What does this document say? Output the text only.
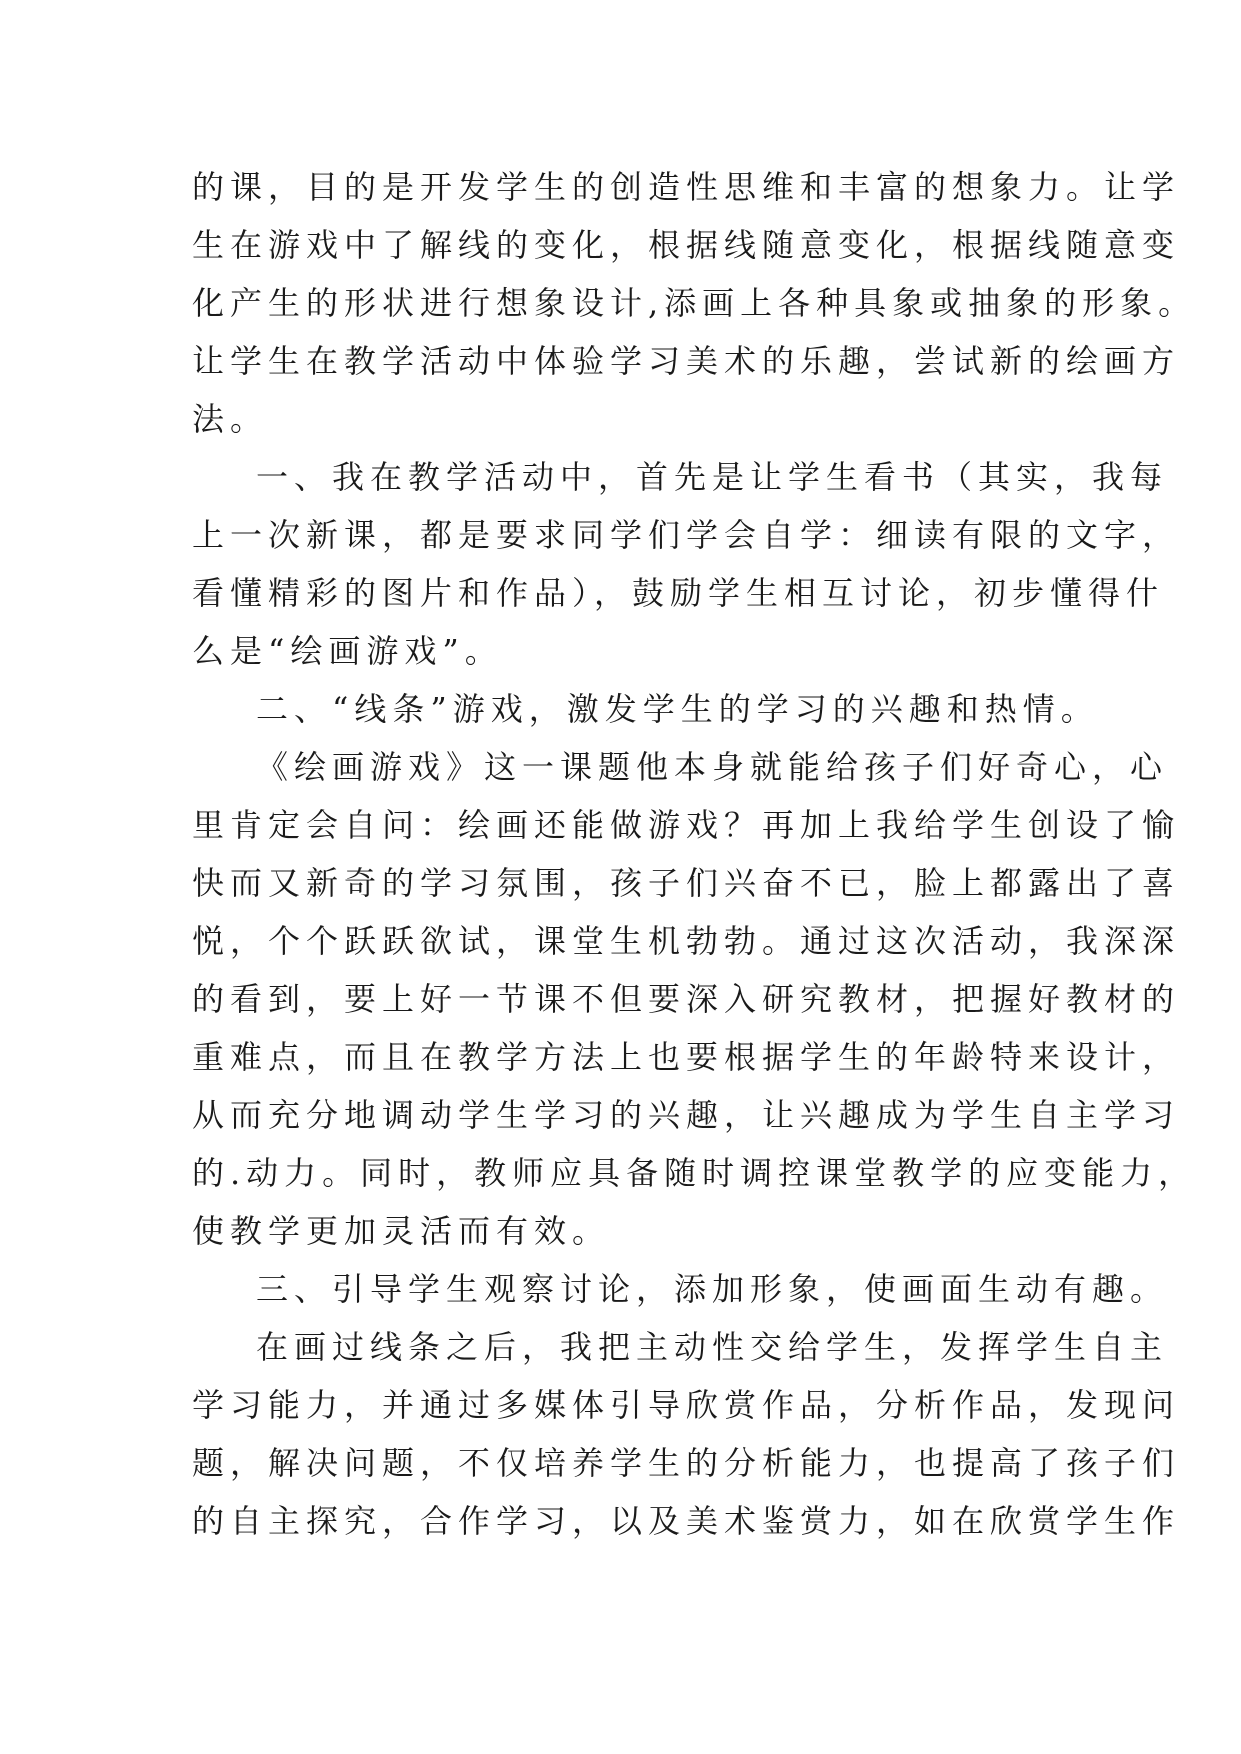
的课，目的是开发学生的创造性思维和丰富的想象力。让学
生在游戏中了解线的变化，根据线随意变化，根据线随意变
化产生的形状进行想象设计,添画上各种具象或抽象的形象。
让学生在教学活动中体验学习美术的乐趣，尝试新的绘画方
法。
一、我在教学活动中，首先是让学生看书（其实，我每
上一次新课，都是要求同学们学会自学：细读有限的文字，
看懂精彩的图片和作品），鼓励学生相互讨论，初步懂得什
么是“绘画游戏”。
二、“线条”游戏，激发学生的学习的兴趣和热情。
《绘画游戏》这一课题他本身就能给孩子们好奇心，心
里肯定会自问：绘画还能做游戏？再加上我给学生创设了愉
快而又新奇的学习氛围，孩子们兴奋不已，脸上都露出了喜
悦，个个跃跃欲试，课堂生机勃勃。通过这次活动，我深深
的看到，要上好一节课不但要深入研究教材，把握好教材的
重难点，而且在教学方法上也要根据学生的年龄特来设计，
从而充分地调动学生学习的兴趣，让兴趣成为学生自主学习
的.动力。同时，教师应具备随时调控课堂教学的应变能力，
使教学更加灵活而有效。
三、引导学生观察讨论，添加形象，使画面生动有趣。
在画过线条之后，我把主动性交给学生，发挥学生自主
学习能力，并通过多媒体引导欣赏作品，分析作品，发现问
题，解决问题，不仅培养学生的分析能力，也提高了孩子们
的自主探究，合作学习，以及美术鉴赏力，如在欣赏学生作
